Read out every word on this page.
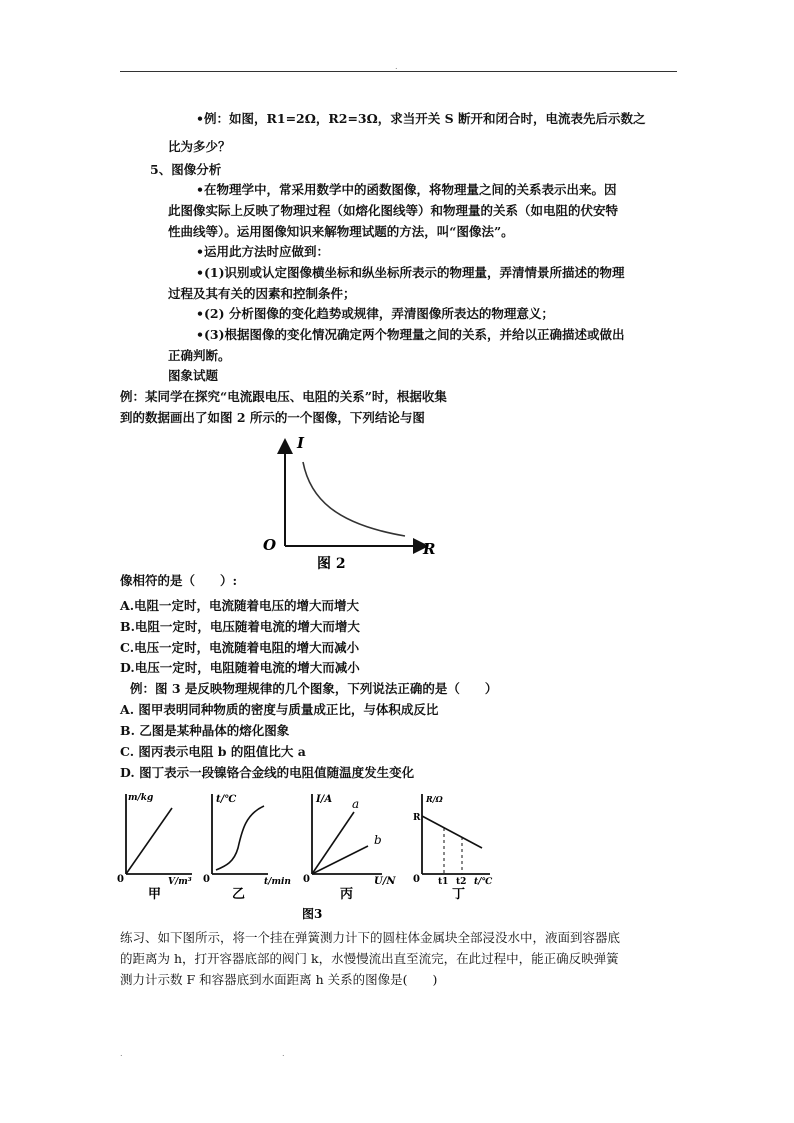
.
•例：如图，R1=2Ω，R2=3Ω，求当开关 S 断开和闭合时，电流表先后示数之
比为多少？
5、图像分析
•在物理学中，常采用数学中的函数图像，将物理量之间的关系表示出来。因
此图像实际上反映了物理过程（如熔化图线等）和物理量的关系（如电阻的伏安特
性曲线等）。运用图像知识来解物理试题的方法，叫“图像法”。
•运用此方法时应做到：
•(1)识别或认定图像横坐标和纵坐标所表示的物理量，弄清情景所描述的物理
过程及其有关的因素和控制条件；
•(2) 分析图像的变化趋势或规律，弄清图像所表达的物理意义；
•(3)根据图像的变化情况确定两个物理量之间的关系，并给以正确描述或做出
正确判断。
图象试题
例：某同学在探究“电流跟电压、电阻的关系”时，根据收集
到的数据画出了如图 2 所示的一个图像，下列结论与图
I
R
O
图 2
像相符的是（　　）:
A.电阻一定时，电流随着电压的增大而增大
B.电阻一定时，电压随着电流的增大而增大
C.电压一定时，电流随着电阻的增大而减小
D.电压一定时，电阻随着电流的增大而减小
例：图 3 是反映物理规律的几个图象，下列说法正确的是（　　）
A. 图甲表明同种物质的密度与质量成正比，与体积成反比
B. 乙图是某种晶体的熔化图象
C. 图丙表示电阻 b 的阻值比大 a
D. 图丁表示一段镍铬合金线的电阻值随温度发生变化
m/kg
V/m³
0
甲
t/℃
t/min
0
乙
I/A
U/N
0
a
b
丙
R/Ω
R
t1 t2 t/℃
0
丁
图3
练习、如下图所示，将一个挂在弹簧测力计下的圆柱体金属块全部浸没水中，液面到容器底
的距离为 h，打开容器底部的阀门 k，水慢慢流出直至流完，在此过程中，能正确反映弹簧
测力计示数 F 和容器底到水面距离 h 关系的图像是(　　)
.	.
